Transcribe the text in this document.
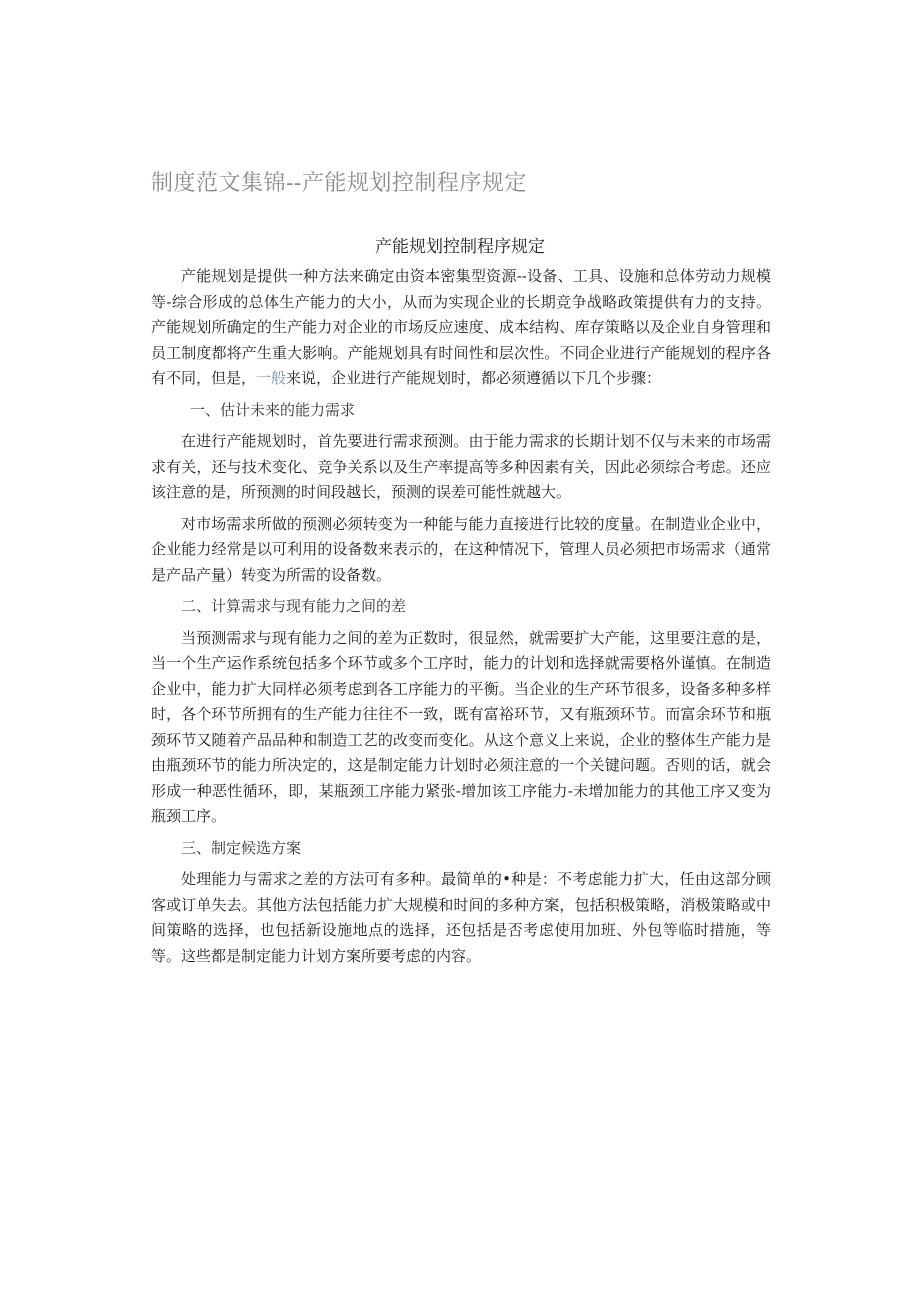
制度范文集锦--产能规划控制程序规定
产能规划控制程序规定

产能规划是提供一种方法来确定由资本密集型资源--设备、工具、设施和总体劳动力规模等-综合形成的总体生产能力的大小，从而为实现企业的长期竞争战略政策提供有力的支持。产能规划所确定的生产能力对企业的市场反应速度、成本结构、库存策略以及企业自身管理和员工制度都将产生重大影响。产能规划具有时间性和层次性。不同企业进行产能规划的程序各有不同，但是，一般来说，企业进行产能规划时，都必须遵循以下几个步骤：

一、估计未来的能力需求

在进行产能规划时，首先要进行需求预测。由于能力需求的长期计划不仅与未来的市场需求有关，还与技术变化、竞争关系以及生产率提高等多种因素有关，因此必须综合考虑。还应该注意的是，所预测的时间段越长，预测的误差可能性就越大。

对市场需求所做的预测必须转变为一种能与能力直接进行比较的度量。在制造业企业中，企业能力经常是以可利用的设备数来表示的，在这种情况下，管理人员必须把市场需求（通常是产品产量）转变为所需的设备数。

二、计算需求与现有能力之间的差

当预测需求与现有能力之间的差为正数时，很显然，就需要扩大产能，这里要注意的是，当一个生产运作系统包括多个环节或多个工序时，能力的计划和选择就需要格外谨慎。在制造企业中，能力扩大同样必须考虑到各工序能力的平衡。当企业的生产环节很多，设备多种多样时，各个环节所拥有的生产能力往往不一致，既有富裕环节，又有瓶颈环节。而富余环节和瓶颈环节又随着产品品种和制造工艺的改变而变化。从这个意义上来说，企业的整体生产能力是由瓶颈环节的能力所决定的，这是制定能力计划时必须注意的一个关键问题。否则的话，就会形成一种恶性循环，即，某瓶颈工序能力紧张-增加该工序能力-未增加能力的其他工序又变为瓶颈工序。

三、制定候选方案

处理能力与需求之差的方法可有多种。最简单的•种是：不考虑能力扩大，任由这部分顾客或订单失去。其他方法包括能力扩大规模和时间的多种方案，包括积极策略，消极策略或中间策略的选择，也包括新设施地点的选择，还包括是否考虑使用加班、外包等临时措施，等等。这些都是制定能力计划方案所要考虑的内容。
